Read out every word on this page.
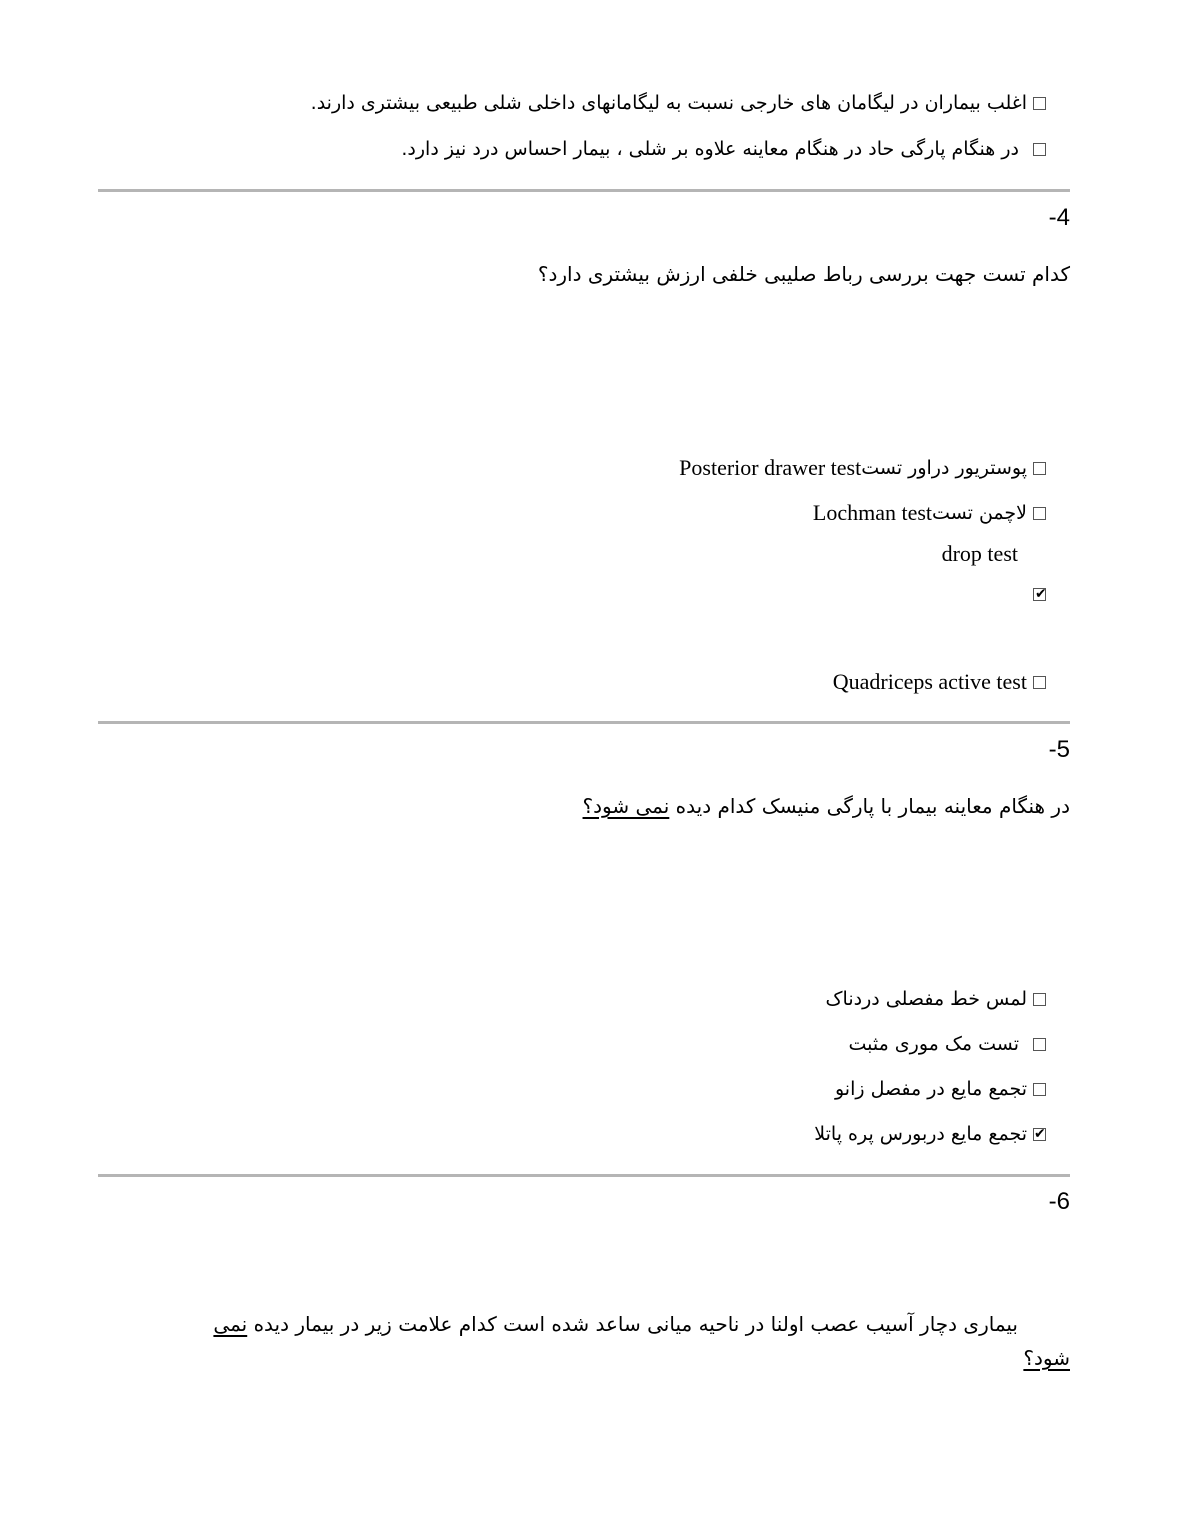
اغلب بیماران در لیگامان های خارجی نسبت به لیگامانهای داخلی شلی طبیعی بیشتری دارند.
در هنگام پارگی حاد در هنگام معاینه علاوه بر شلی ، بیمار احساس درد نیز دارد.
-4
کدام تست جهت بررسی رباط صلیبی خلفی ارزش بیشتری دارد؟
پوستریور دراور تست
Posterior drawer test
لاچمن تست
Lochman test
drop test
✔
Quadriceps active test
-5
در هنگام معاینه بیمار با پارگی منیسک کدام دیده نمی شود؟
لمس خط مفصلی دردناک
تست مک موری مثبت
تجمع مایع در مفصل زانو
✔
تجمع مایع دربورس پره پاتلا
-6
بیماری دچار آسیب عصب اولنا در ناحیه میانی ساعد شده است کدام علامت زیر در بیمار دیده نمی
شود؟
